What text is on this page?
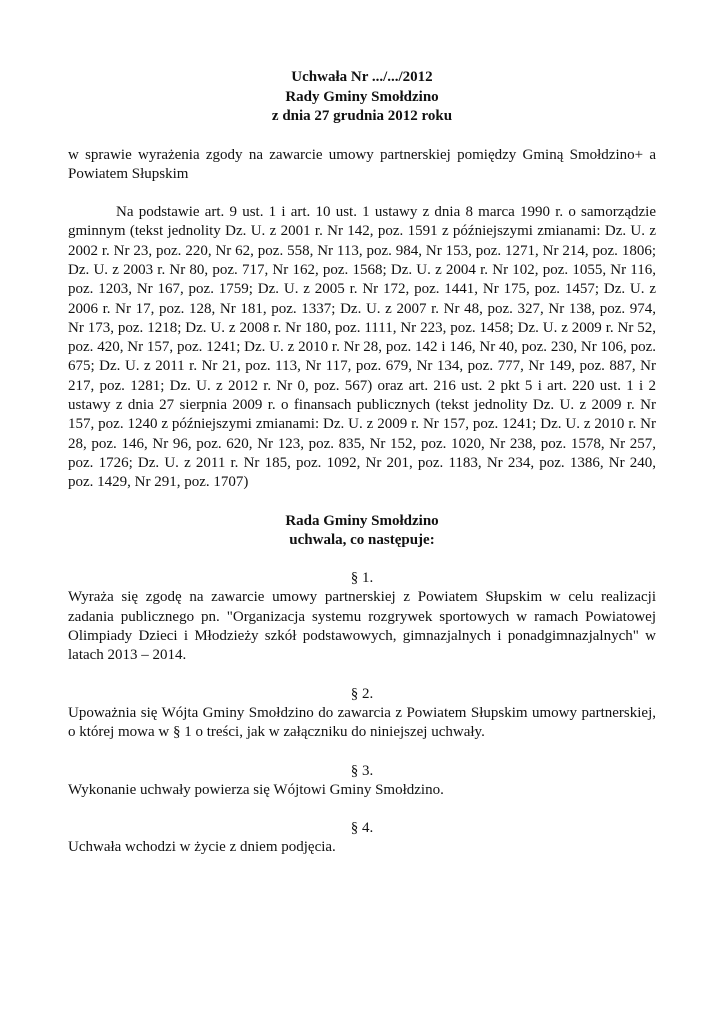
Uchwała Nr .../.../2012
Rady Gminy Smołdzino
z dnia 27 grudnia 2012 roku
w sprawie wyrażenia zgody na zawarcie umowy partnerskiej pomiędzy Gminą Smołdzino+ a Powiatem Słupskim
Na podstawie art. 9 ust. 1 i art. 10 ust. 1 ustawy z dnia 8 marca 1990 r. o samorządzie gminnym (tekst jednolity Dz. U. z 2001 r. Nr 142, poz. 1591 z późniejszymi zmianami: Dz. U. z 2002 r. Nr 23, poz. 220, Nr 62, poz. 558, Nr 113, poz. 984, Nr 153, poz. 1271, Nr 214, poz. 1806; Dz. U. z 2003 r. Nr 80, poz. 717, Nr 162, poz. 1568; Dz. U. z 2004 r. Nr 102, poz. 1055, Nr 116, poz. 1203, Nr 167, poz. 1759; Dz. U. z 2005 r. Nr 172, poz. 1441, Nr 175, poz. 1457; Dz. U. z 2006 r. Nr 17, poz. 128, Nr 181, poz. 1337; Dz. U. z 2007 r. Nr 48, poz. 327, Nr 138, poz. 974, Nr 173, poz. 1218; Dz. U. z 2008 r. Nr 180, poz. 1111, Nr 223, poz. 1458; Dz. U. z 2009 r. Nr 52, poz. 420, Nr 157, poz. 1241; Dz. U. z 2010 r. Nr 28, poz. 142 i 146, Nr 40, poz. 230, Nr 106, poz. 675; Dz. U. z 2011 r. Nr 21, poz. 113, Nr 117, poz. 679, Nr 134, poz. 777, Nr 149, poz. 887, Nr 217, poz. 1281; Dz. U. z 2012 r. Nr 0, poz. 567) oraz art. 216 ust. 2 pkt 5 i art. 220 ust. 1 i 2 ustawy z dnia 27 sierpnia 2009 r. o finansach publicznych (tekst jednolity Dz. U. z 2009 r. Nr 157, poz. 1240 z późniejszymi zmianami: Dz. U. z 2009 r. Nr 157, poz. 1241; Dz. U. z 2010 r. Nr 28, poz. 146, Nr 96, poz. 620, Nr 123, poz. 835, Nr 152, poz. 1020, Nr 238, poz. 1578, Nr 257, poz. 1726; Dz. U. z 2011 r. Nr 185, poz. 1092, Nr 201, poz. 1183, Nr 234, poz. 1386, Nr 240, poz. 1429, Nr 291, poz. 1707)
Rada Gminy Smołdzino
uchwala, co następuje:
§ 1.
Wyraża się zgodę na zawarcie umowy partnerskiej z Powiatem Słupskim w celu realizacji zadania publicznego pn. "Organizacja systemu rozgrywek sportowych w ramach Powiatowej Olimpiady Dzieci i Młodzieży szkół podstawowych, gimnazjalnych i ponadgimnazjalnych" w latach 2013 – 2014.
§ 2.
Upoważnia się Wójta Gminy Smołdzino do zawarcia z Powiatem Słupskim umowy partnerskiej, o której mowa w § 1 o treści, jak w załączniku do niniejszej uchwały.
§ 3.
Wykonanie uchwały powierza się Wójtowi Gminy Smołdzino.
§ 4.
Uchwała wchodzi w życie z dniem podjęcia.
